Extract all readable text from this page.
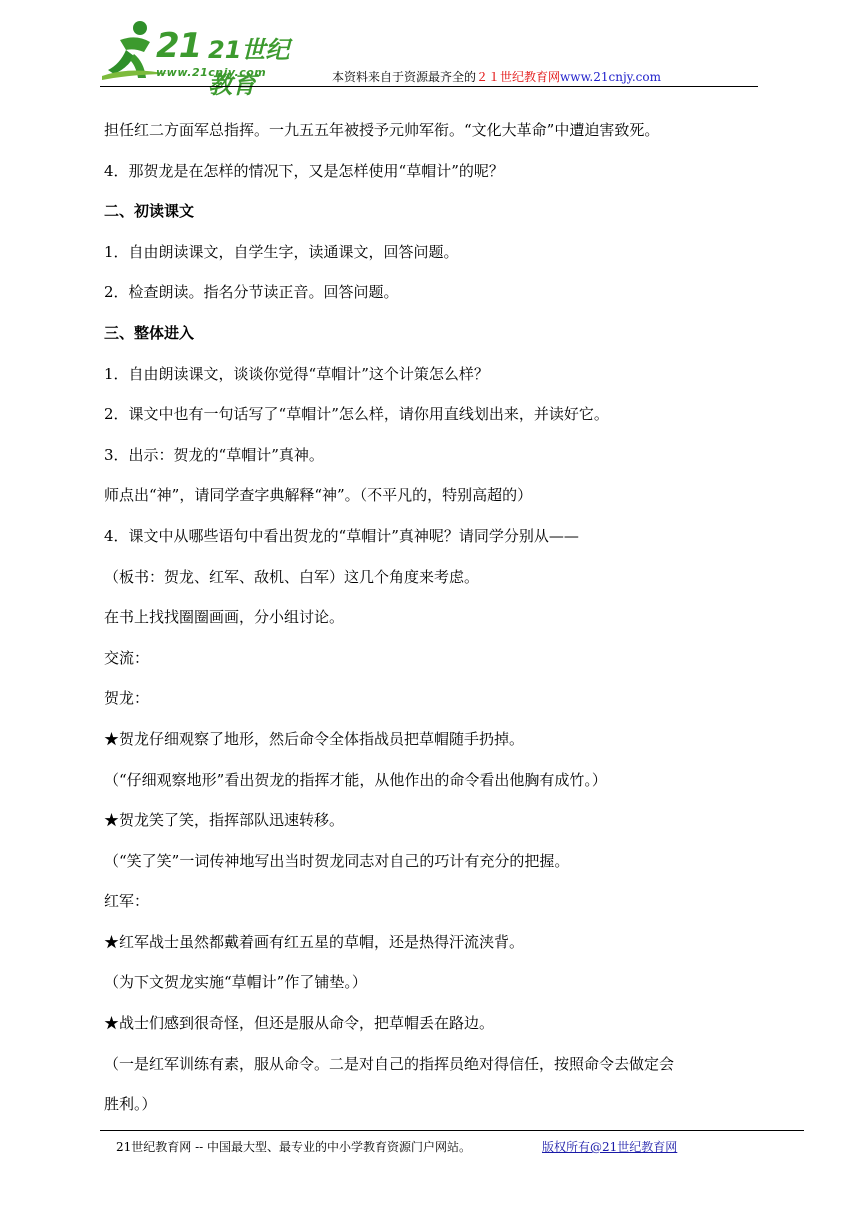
21 21世纪教育
www.21cnjy.com	本资料来自于资源最齐全的２１世纪教育网www.21cnjy.com
担任红二方面军总指挥。一九五五年被授予元帅军衔。“文化大革命”中遭迫害致死。
4．那贺龙是在怎样的情况下，又是怎样使用“草帽计”的呢？
二、初读课文
1．自由朗读课文，自学生字，读通课文，回答问题。
2．检查朗读。指名分节读正音。回答问题。
三、整体进入
1．自由朗读课文，谈谈你觉得“草帽计”这个计策怎么样？
2．课文中也有一句话写了“草帽计”怎么样，请你用直线划出来，并读好它。
3．出示：贺龙的“草帽计”真神。
师点出“神”，请同学查字典解释“神”。（不平凡的，特别高超的）
4．课文中从哪些语句中看出贺龙的“草帽计”真神呢？请同学分别从——
（板书：贺龙、红军、敌机、白军）这几个角度来考虑。
在书上找找圈圈画画，分小组讨论。
交流：
贺龙：
★贺龙仔细观察了地形，然后命令全体指战员把草帽随手扔掉。
（“仔细观察地形”看出贺龙的指挥才能，从他作出的命令看出他胸有成竹。）
★贺龙笑了笑，指挥部队迅速转移。
（“笑了笑”一词传神地写出当时贺龙同志对自己的巧计有充分的把握。
红军：
★红军战士虽然都戴着画有红五星的草帽，还是热得汗流浃背。
（为下文贺龙实施“草帽计”作了铺垫。）
★战士们感到很奇怪，但还是服从命令，把草帽丢在路边。
（一是红军训练有素，服从命令。二是对自己的指挥员绝对得信任，按照命令去做定会
胜利。）
21世纪教育网 -- 中国最大型、最专业的中小学教育资源门户网站。	版权所有@21世纪教育网
